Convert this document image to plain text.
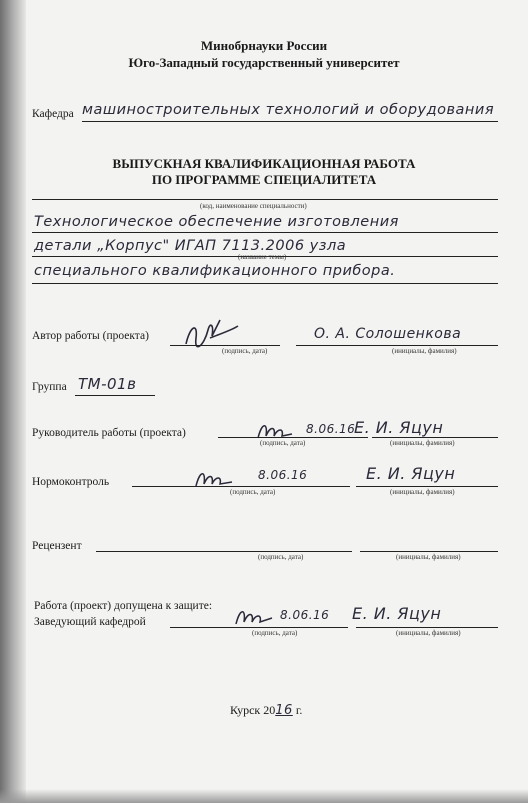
Минобрнауки России
Юго-Западный государственный университет
Кафедра машиностроительных технологий и оборудования
ВЫПУСКНАЯ КВАЛИФИКАЦИОННАЯ РАБОТА
ПО ПРОГРАММЕ СПЕЦИАЛИТЕТА
(код, наименование специальности)
Технологическое обеспечение изготовления
детали „Корпус" ИГАП 7113.2006 узла
(название темы)
специального квалификационного прибора.
Автор работы (проекта)
(подпись, дата)
О. А. Солошенкова
(инициалы, фамилия)
Группа ТМ-01в
Руководитель работы (проекта)	8.06.16
(подпись, дата)
Е. И. Яцун
(инициалы, фамилия)
Нормоконтроль	8.06.16
(подпись, дата)
Е. И. Яцун
(инициалы, фамилия)
Рецензент
(подпись, дата)	(инициалы, фамилия)
Работа (проект) допущена к защите:
Заведующий кафедрой	8.06.16
(подпись, дата)
Е. И. Яцун
(инициалы, фамилия)
Курск 2016 г.
